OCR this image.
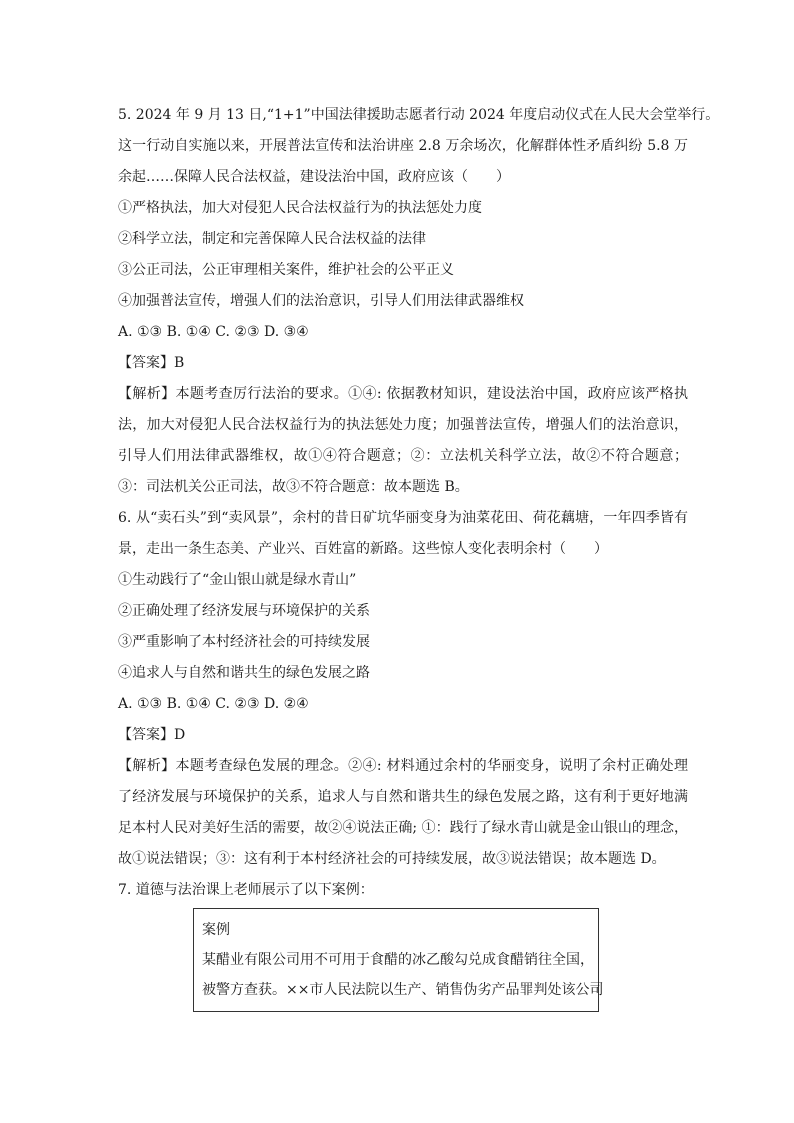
5. 2024 年 9 月 13 日,“1+1”中国法律援助志愿者行动 2024 年度启动仪式在人民大会堂举行。
这一行动自实施以来，开展普法宣传和法治讲座 2.8 万余场次，化解群体性矛盾纠纷 5.8 万
余起……保障人民合法权益，建设法治中国，政府应该（　　）
①严格执法，加大对侵犯人民合法权益行为的执法惩处力度
②科学立法，制定和完善保障人民合法权益的法律
③公正司法，公正审理相关案件，维护社会的公平正义
④加强普法宣传，增强人们的法治意识，引导人们用法律武器维权
A. ①③ B. ①④ C. ②③ D. ③④
【答案】B
【解析】本题考查厉行法治的要求。①④: 依据教材知识，建设法治中国，政府应该严格执
法，加大对侵犯人民合法权益行为的执法惩处力度；加强普法宣传，增强人们的法治意识，
引导人们用法律武器维权，故①④符合题意；②：立法机关科学立法，故②不符合题意；
③：司法机关公正司法，故③不符合题意：故本题选 B。
6. 从“卖石头”到“卖风景”，余村的昔日矿坑华丽变身为油菜花田、荷花藕塘，一年四季皆有
景，走出一条生态美、产业兴、百姓富的新路。这些惊人变化表明余村（　　）
①生动践行了“金山银山就是绿水青山”
②正确处理了经济发展与环境保护的关系
③严重影响了本村经济社会的可持续发展
④追求人与自然和谐共生的绿色发展之路
A. ①③ B. ①④ C. ②③ D. ②④
【答案】D
【解析】本题考查绿色发展的理念。②④: 材料通过余村的华丽变身，说明了余村正确处理
了经济发展与环境保护的关系，追求人与自然和谐共生的绿色发展之路，这有利于更好地满
足本村人民对美好生活的需要，故②④说法正确; ①：践行了绿水青山就是金山银山的理念，
故①说法错误；③：这有利于本村经济社会的可持续发展，故③说法错误；故本题选 D。
7. 道德与法治课上老师展示了以下案例：
案例
某醋业有限公司用不可用于食醋的冰乙酸勾兑成食醋销往全国，
被警方查获。××市人民法院以生产、销售伪劣产品罪判处该公司
